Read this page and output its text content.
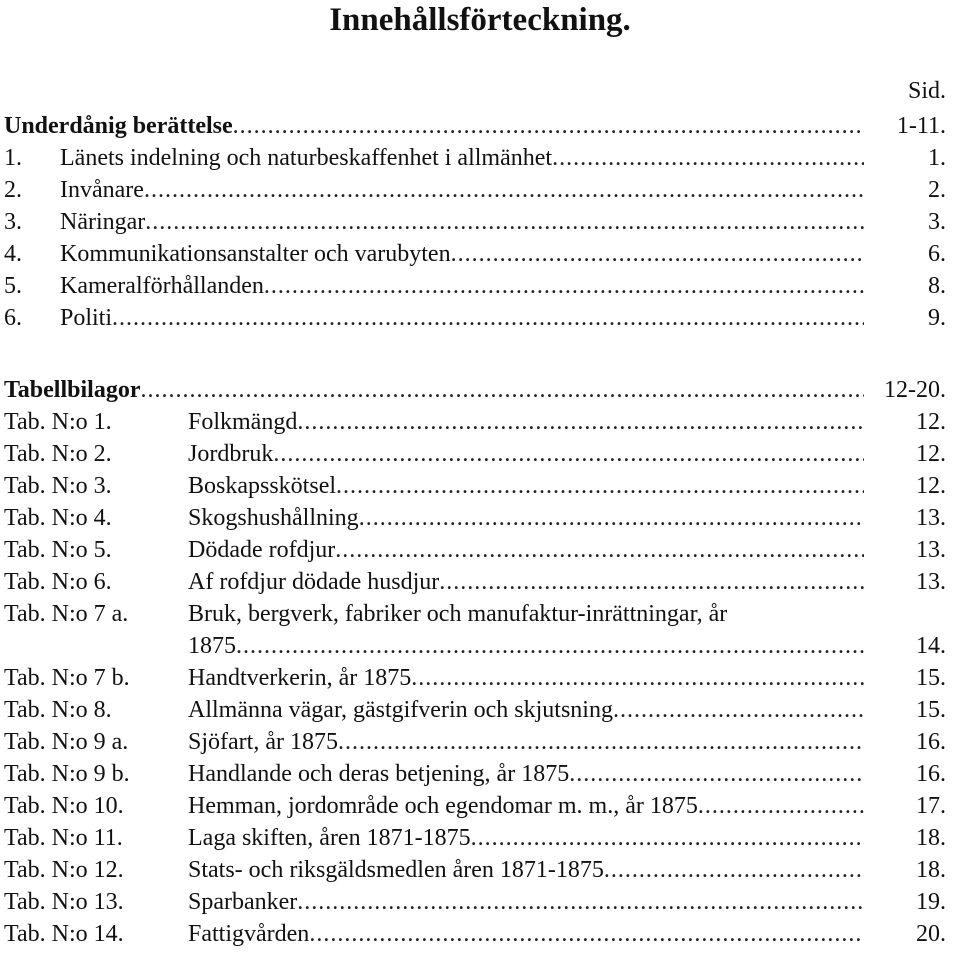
Innehållsförteckning.
Sid.
Underdånig berättelse .....	1-11.
1. Länets indelning och naturbeskaffenhet i allmänhet .....	1.
2. Invånare .....	2.
3. Näringar .....	3.
4. Kommunikationsanstalter och varubyten .....	6.
5. Kameralförhållanden .....	8.
6. Politi .....	9.
Tabellbilagor .....	12-20.
Tab. N:o 1.	Folkmängd .....	12.
Tab. N:o 2.	Jordbruk .....	12.
Tab. N:o 3.	Boskapsskötsel .....	12.
Tab. N:o 4.	Skogshushållning .....	13.
Tab. N:o 5.	Dödade rofdjur .....	13.
Tab. N:o 6.	Af rofdjur dödade husdjur .....	13.
Tab. N:o 7 a. Bruk, bergverk, fabriker och manufaktur-inrättningar, år
1875 .....	14.
Tab. N:o 7 b. Handtverkerin, år 1875 .....	15.
Tab. N:o 8.	Allmänna vägar, gästgifverin och skjutsning .....	15.
Tab. N:o 9 a. Sjöfart, år 1875 .....	16.
Tab. N:o 9 b. Handlande och deras betjening, år 1875 .....	16.
Tab. N:o 10.	Hemman, jordområde och egendomar m. m., år 1875 .....	17.
Tab. N:o 11.	Laga skiften, åren 1871-1875 .....	18.
Tab. N:o 12.	Stats- och riksgäldsmedlen åren 1871-1875 .....	18.
Tab. N:o 13.	Sparbanker .....	19.
Tab. N:o 14.	Fattigvården .....	20.
